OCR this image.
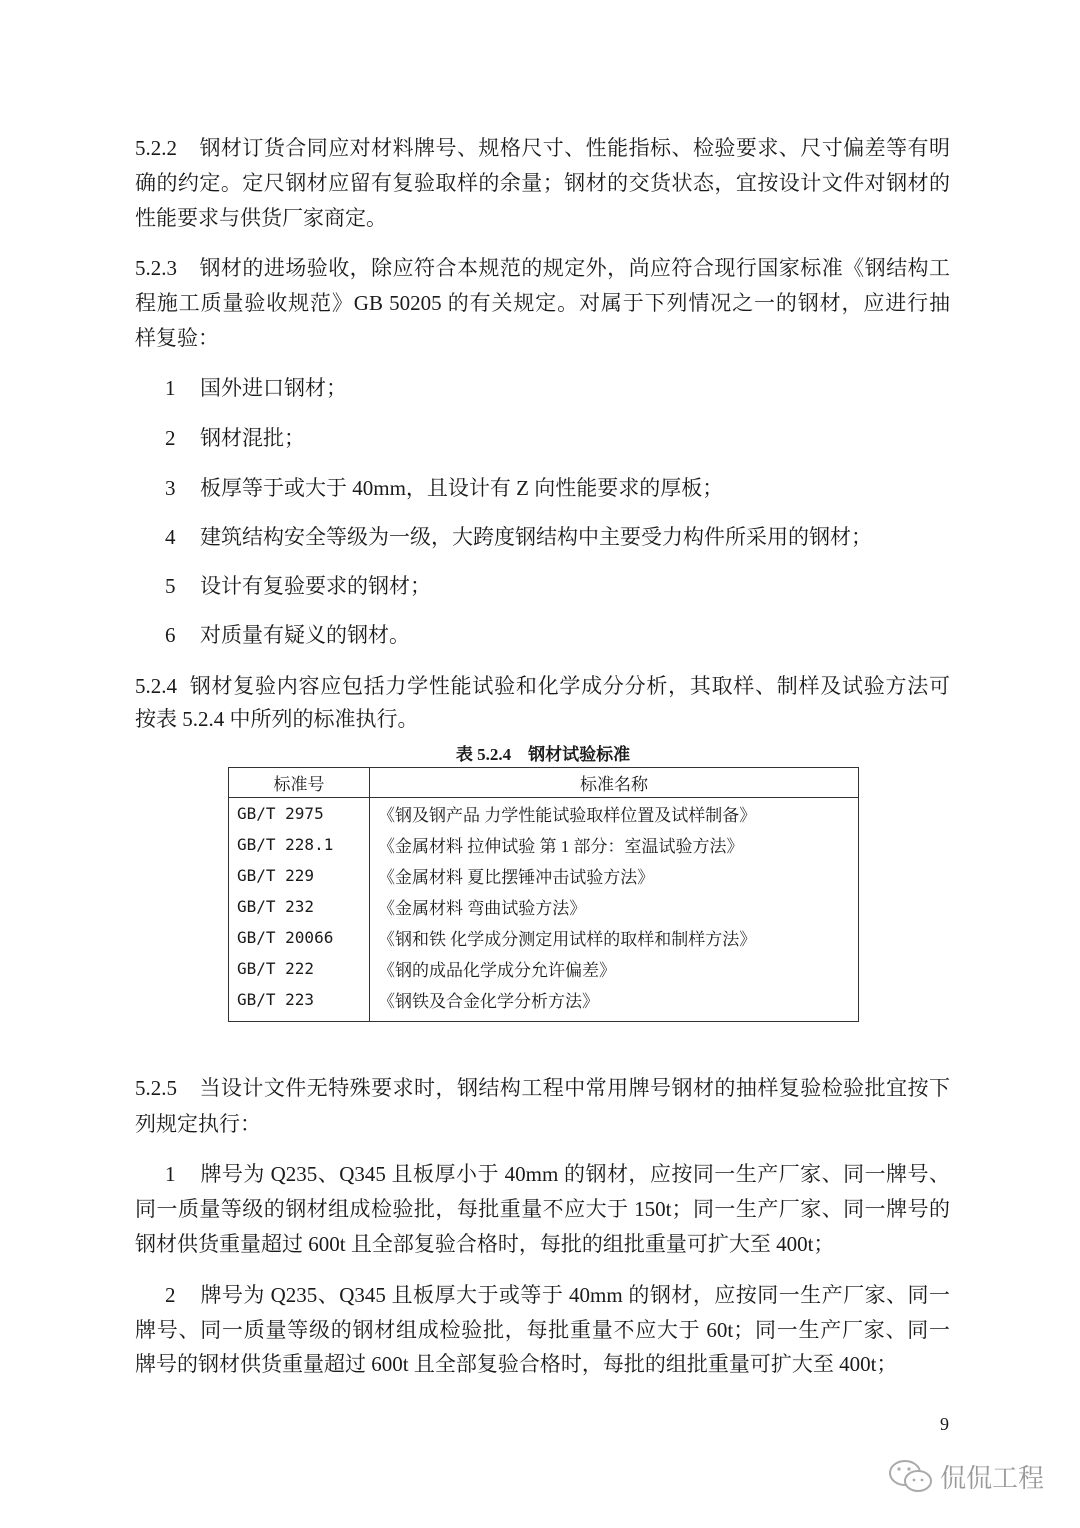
5.2.2 钢材订货合同应对材料牌号、规格尺寸、性能指标、检验要求、尺寸偏差等有明
确的约定。定尺钢材应留有复验取样的余量；钢材的交货状态，宜按设计文件对钢材的
性能要求与供货厂家商定。
5.2.3 钢材的进场验收，除应符合本规范的规定外，尚应符合现行国家标准《钢结构工
程施工质量验收规范》GB 50205 的有关规定。对属于下列情况之一的钢材，应进行抽
样复验：
1 国外进口钢材；
2 钢材混批；
3 板厚等于或大于 40mm，且设计有 Z 向性能要求的厚板；
4 建筑结构安全等级为一级，大跨度钢结构中主要受力构件所采用的钢材；
5 设计有复验要求的钢材；
6 对质量有疑义的钢材。
5.2.4 钢材复验内容应包括力学性能试验和化学成分分析，其取样、制样及试验方法可
按表 5.2.4 中所列的标准执行。
表 5.2.4　钢材试验标准
标准号	标准名称
GB/T 2975	《钢及钢产品 力学性能试验取样位置及试样制备》
GB/T 228.1	《金属材料 拉伸试验 第 1 部分：室温试验方法》
GB/T 229	《金属材料 夏比摆锤冲击试验方法》
GB/T 232	《金属材料 弯曲试验方法》
GB/T 20066	《钢和铁 化学成分测定用试样的取样和制样方法》
GB/T 222	《钢的成品化学成分允许偏差》
GB/T 223	《钢铁及合金化学分析方法》
5.2.5 当设计文件无特殊要求时，钢结构工程中常用牌号钢材的抽样复验检验批宜按下
列规定执行：
1 牌号为 Q235、Q345 且板厚小于 40mm 的钢材，应按同一生产厂家、同一牌号、
同一质量等级的钢材组成检验批，每批重量不应大于 150t；同一生产厂家、同一牌号的
钢材供货重量超过 600t 且全部复验合格时，每批的组批重量可扩大至 400t；
2 牌号为 Q235、Q345 且板厚大于或等于 40mm 的钢材，应按同一生产厂家、同一
牌号、同一质量等级的钢材组成检验批，每批重量不应大于 60t；同一生产厂家、同一
牌号的钢材供货重量超过 600t 且全部复验合格时，每批的组批重量可扩大至 400t；
9
侃侃工程
